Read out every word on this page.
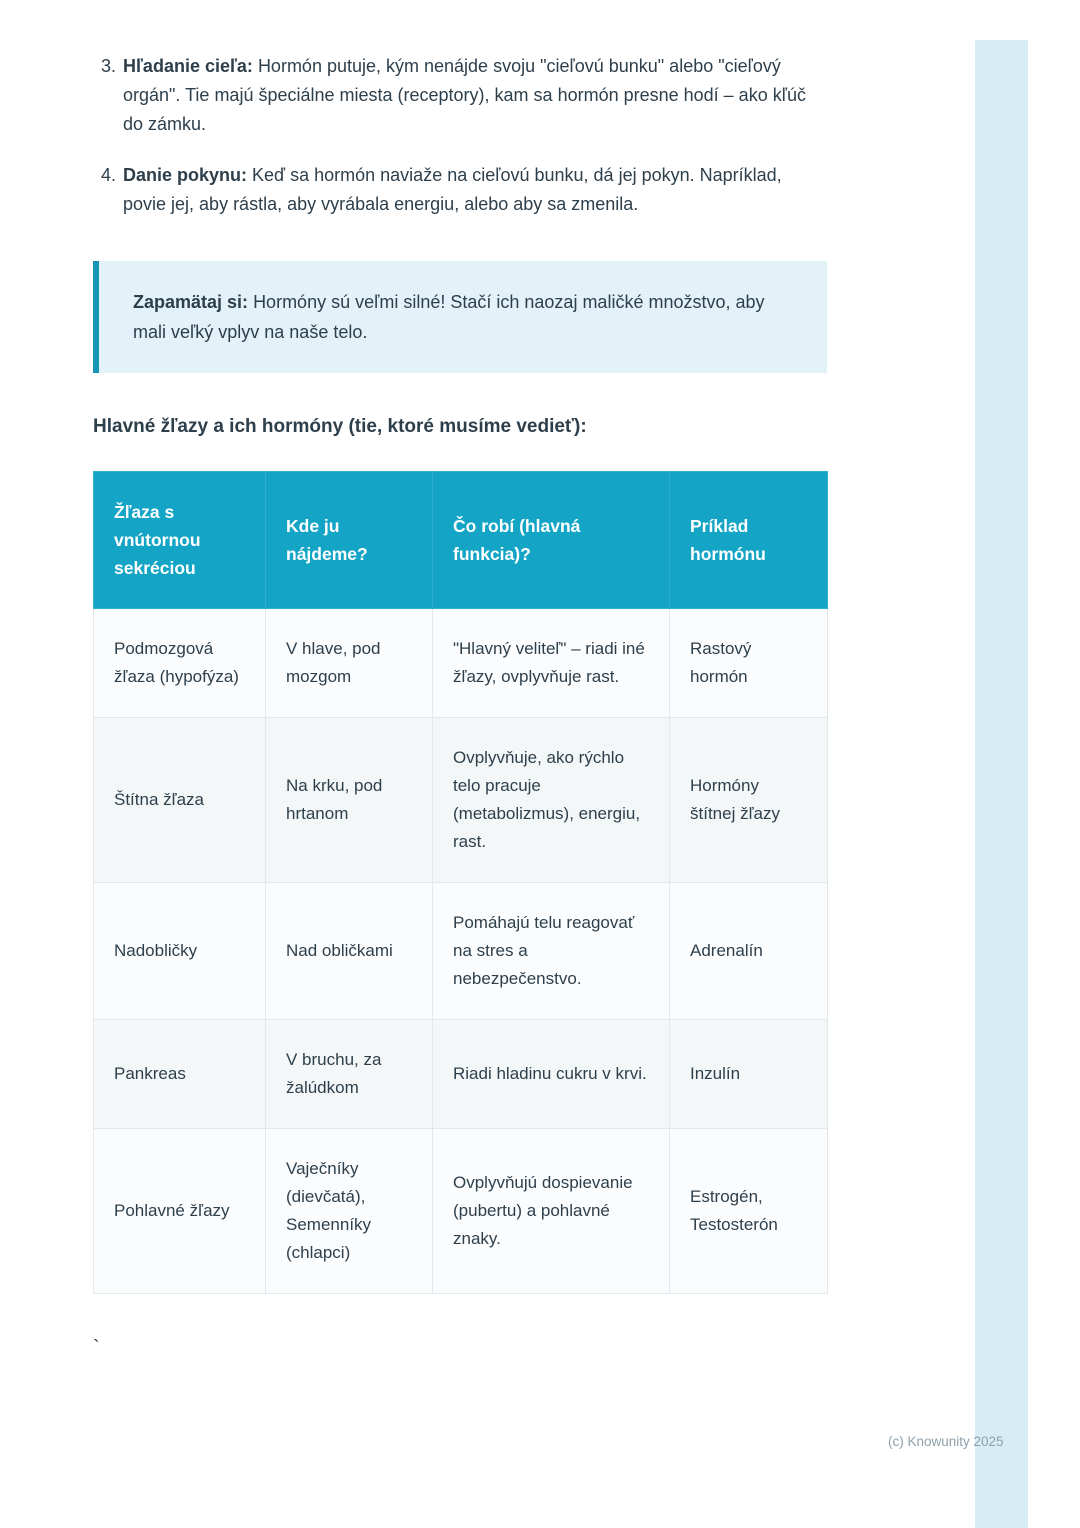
3. Hľadanie cieľa: Hormón putuje, kým nenájde svoju "cieľovú bunku" alebo "cieľový orgán". Tie majú špeciálne miesta (receptory), kam sa hormón presne hodí – ako kľúč do zámku.
4. Danie pokynu: Keď sa hormón naviaže na cieľovú bunku, dá jej pokyn. Napríklad, povie jej, aby rástla, aby vyrábala energiu, alebo aby sa zmenila.
Zapamätaj si: Hormóny sú veľmi silné! Stačí ich naozaj maličké množstvo, aby mali veľký vplyv na naše telo.
Hlavné žľazy a ich hormóny (tie, ktoré musíme vedieť):
Žľaza s vnútornou sekréciou	Kde ju nájdeme?	Čo robí (hlavná funkcia)?	Príklad hormónu
Podmozgová žľaza (hypofýza)	V hlave, pod mozgom	"Hlavný veliteľ" – riadi iné žľazy, ovplyvňuje rast.	Rastový hormón
Štítna žľaza	Na krku, pod hrtanom	Ovplyvňuje, ako rýchlo telo pracuje (metabolizmus), energiu, rast.	Hormóny štítnej žľazy
Nadobličky	Nad obličkami	Pomáhajú telu reagovať na stres a nebezpečenstvo.	Adrenalín
Pankreas	V bruchu, za žalúdkom	Riadi hladinu cukru v krvi.	Inzulín
Pohlavné žľazy	Vaječníky (dievčatá), Semenníky (chlapci)	Ovplyvňujú dospievanie (pubertu) a pohlavné znaky.	Estrogén, Testosterón
`
(c) Knowunity 2025
